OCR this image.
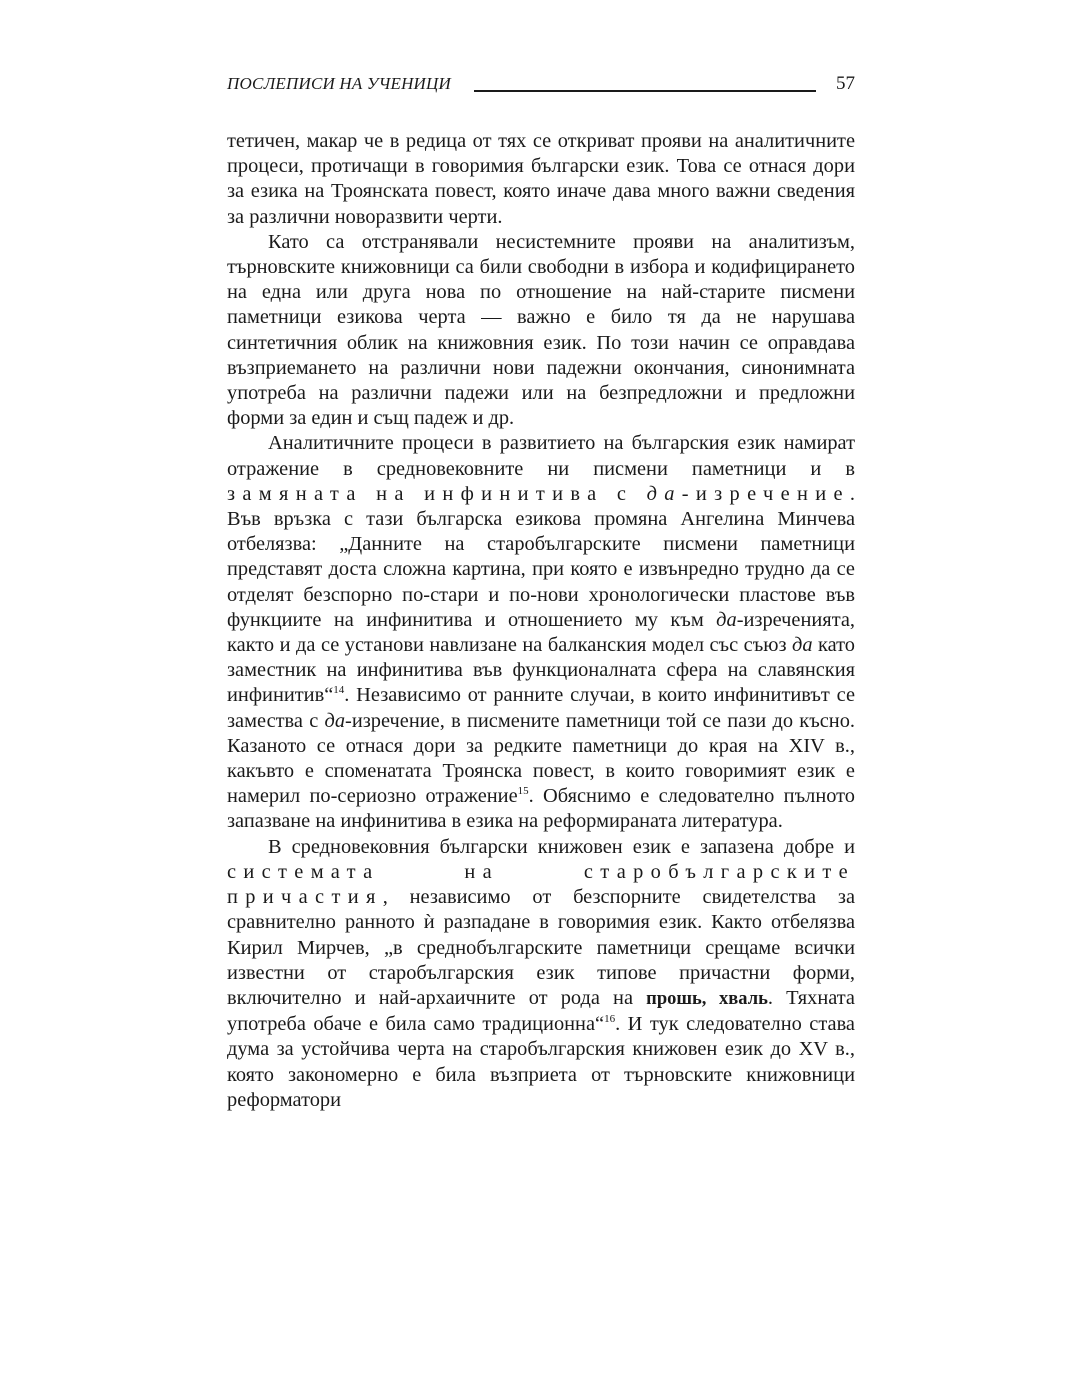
ПОСЛЕПИСИ НА УЧЕНИЦИ	57

тетичен, макар че в редица от тях се откриват прояви на аналитичните процеси, протичащи в говоримия български език. Това се отнася дори за езика на Троянската повест, която иначе дава много важни сведения за различни новоразвити черти.

Като са отстранявали несистемните прояви на аналитизъм, търновските книжовници са били свободни в избора и кодифицирането на една или друга нова по отношение на най-старите писмени паметници езикова черта — важно е било тя да не нарушава синтетичния облик на книжовния език. По този начин се оправдава възприемането на различни нови падежни окончания, синонимната употреба на различни падежи или на безпредложни и предложни форми за един и същ падеж и др.

Аналитичните процеси в развитието на българския език намират отражение в средновековните ни писмени паметници и в замяната на инфинитива с да-изречение. Във връзка с тази българска езикова промяна Ангелина Минчева отбелязва: „Данните на старобългарските писмени паметници представят доста сложна картина, при която е извънредно трудно да се отделят безспорно по-стари и по-нови хронологически пластове във функциите на инфинитива и отношението му към да-изреченията, както и да се установи навлизане на балканския модел със съюз да като заместник на инфинитива във функционалната сфера на славянския инфинитив“$^{14}$. Независимо от ранните случаи, в които инфинитивът се замества с да-изречение, в писмените паметници той се пази до късно. Казаното се отнася дори за редките паметници до края на XIV в., какъвто е споменатата Троянска повест, в които говоримият език е намерил по-сериозно отражение$^{15}$. Обяснимо е следователно пълното запазване на инфинитива в езика на реформираната литература.

В средновековния български книжовен език е запазена добре и системата на старобългарските причастия, независимо от безспорните свидетелства за сравнително ранното ѝ разпадане в говоримия език. Както отбелязва Кирил Мирчев, „в среднобългарските паметници срещаме всички известни от старобългарския език типове причастни форми, включително и най-архаичните от рода на прошь, хваль. Тяхната употреба обаче е била само традиционна“$^{16}$. И тук следователно става дума за устойчива черта на старобългарския книжовен език до XV в., която закономерно е била възприета от търновските книжовници реформатори
